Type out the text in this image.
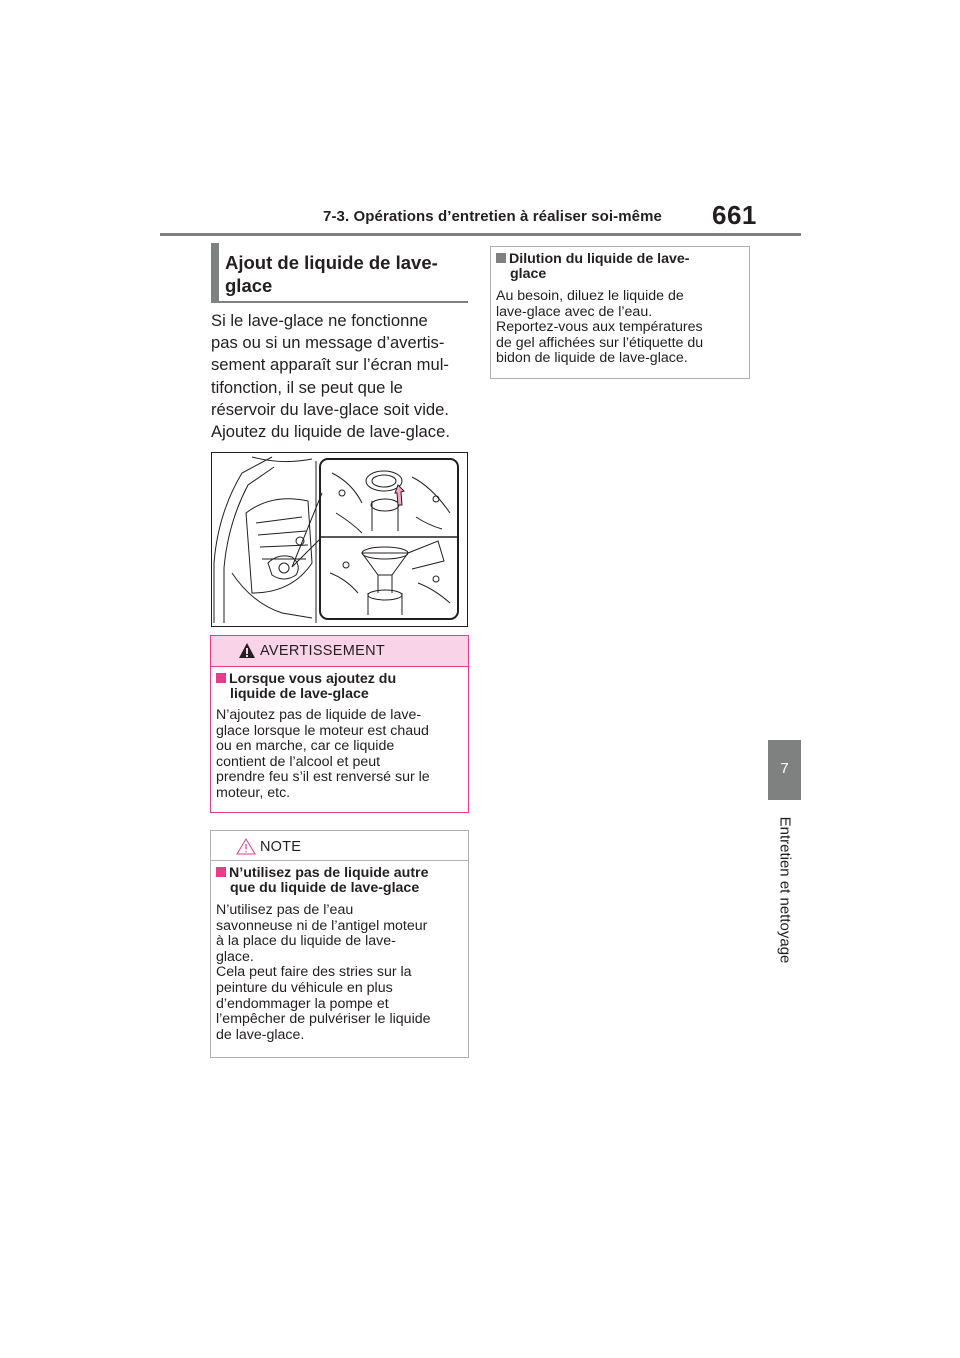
7-3. Opérations d’entretien à réaliser soi-même 661
7
Entretien et nettoyage
Ajout de liquide de lave-glace
Si le lave-glace ne fonctionne
pas ou si un message d’avertis-
sement apparaît sur l’écran mul-
tifonction, il se peut que le
réservoir du lave-glace soit vide.
Ajoutez du liquide de lave-glace.
AVERTISSEMENT
Lorsque vous ajoutez du
liquide de lave-glace
N’ajoutez pas de liquide de lave-
glace lorsque le moteur est chaud
ou en marche, car ce liquide
contient de l’alcool et peut
prendre feu s’il est renversé sur le
moteur, etc.
NOTE
N’utilisez pas de liquide autre
que du liquide de lave-glace
N’utilisez pas de l’eau
savonneuse ni de l’antigel moteur
à la place du liquide de lave-
glace.
Cela peut faire des stries sur la
peinture du véhicule en plus
d’endommager la pompe et
l’empêcher de pulvériser le liquide
de lave-glace.
Dilution du liquide de lave-
glace
Au besoin, diluez le liquide de
lave-glace avec de l’eau.
Reportez-vous aux températures
de gel affichées sur l’étiquette du
bidon de liquide de lave-glace.
